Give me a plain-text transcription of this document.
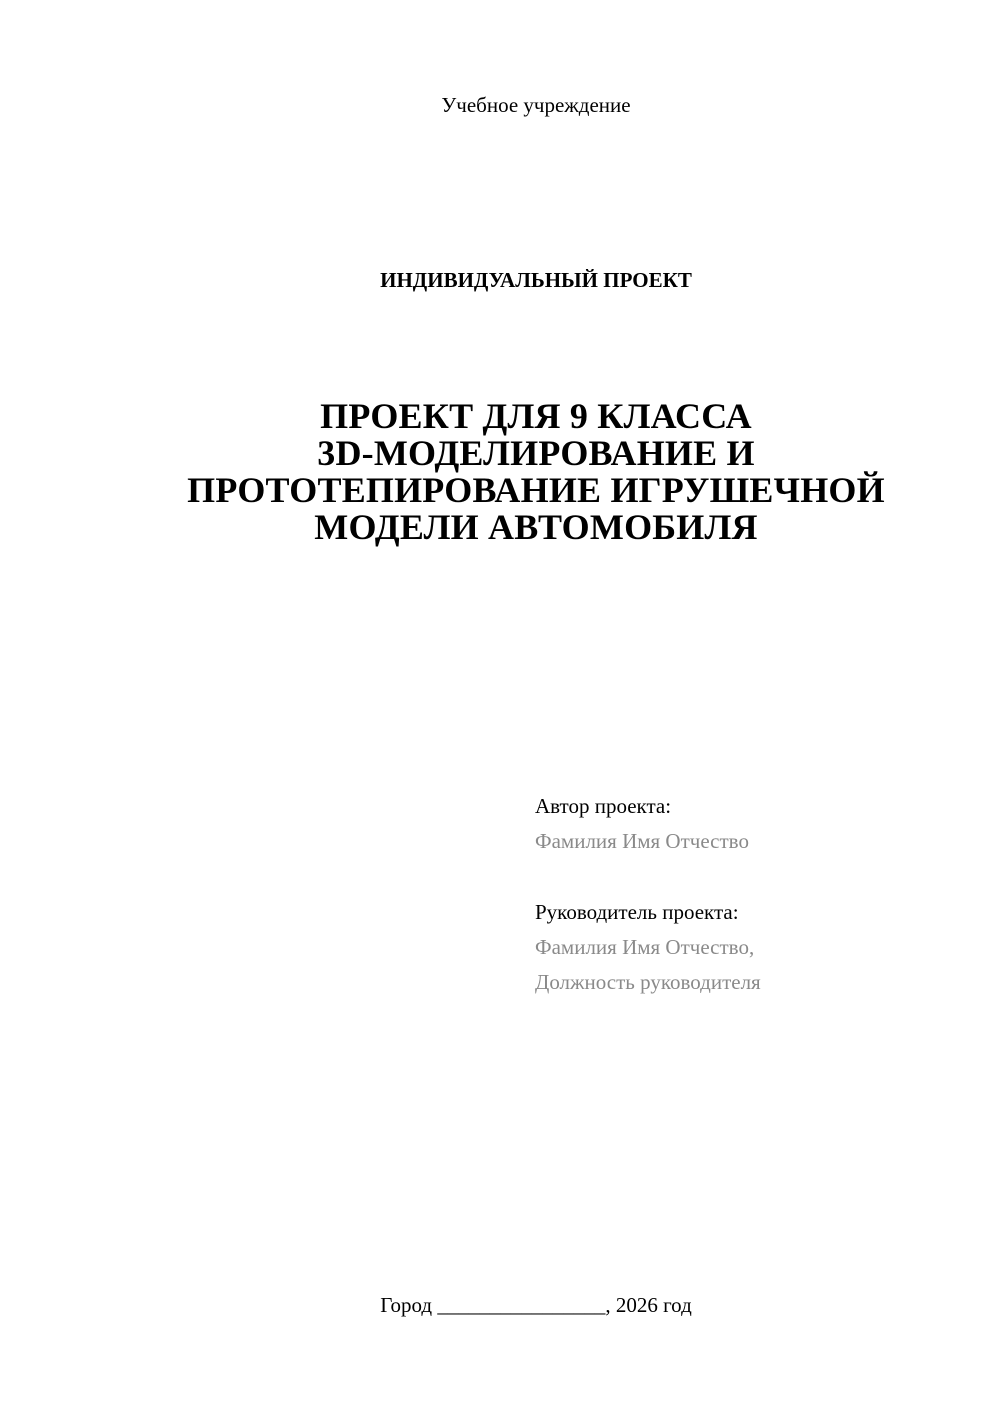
Учебное учреждение
ИНДИВИДУАЛЬНЫЙ ПРОЕКТ
ПРОЕКТ ДЛЯ 9 КЛАССА
3D-МОДЕЛИРОВАНИЕ И
ПРОТОТЕПИРОВАНИЕ ИГРУШЕЧНОЙ
МОДЕЛИ АВТОМОБИЛЯ
Автор проекта:
Фамилия Имя Отчество
Руководитель проекта:
Фамилия Имя Отчество,
Должность руководителя
Город ________________, 2026 год
